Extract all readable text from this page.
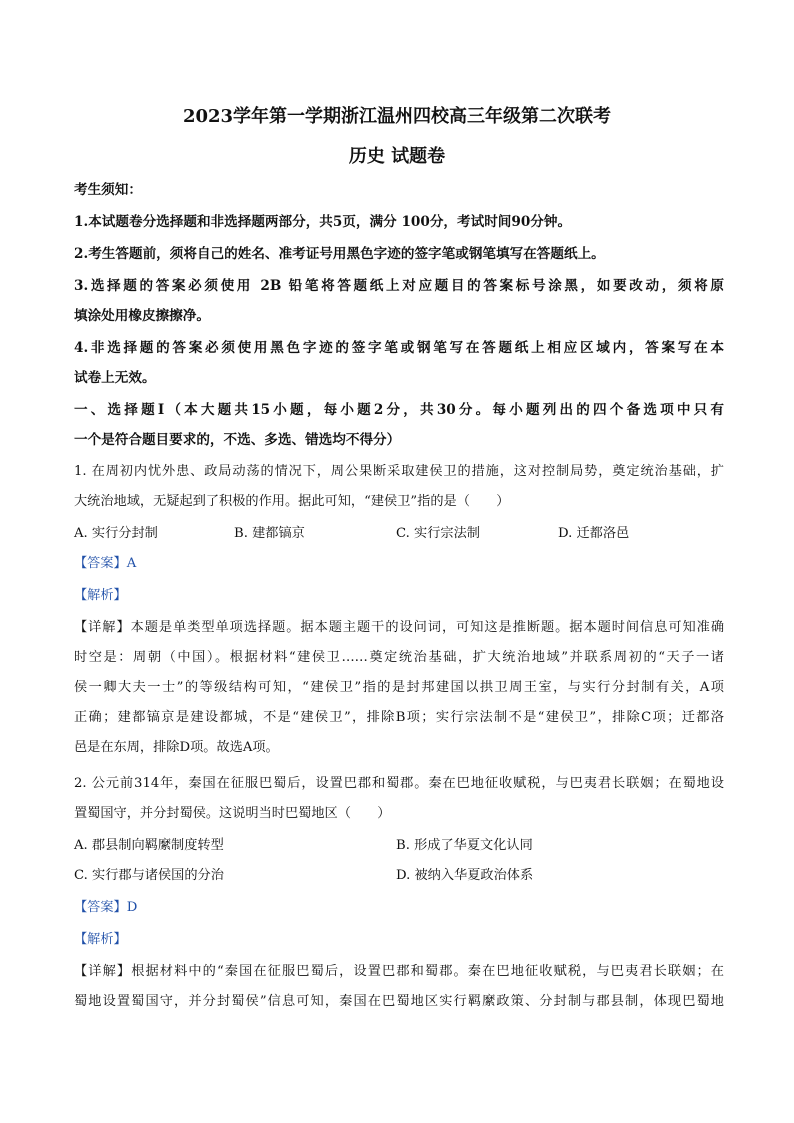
2023学年第一学期浙江温州四校高三年级第二次联考
历史 试题卷
考生须知：
1.本试题卷分选择题和非选择题两部分，共5页，满分 100分，考试时间90分钟。
2.考生答题前，须将自己的姓名、准考证号用黑色字迹的签字笔或钢笔填写在答题纸上。
3.选择题的答案必须使用 2B 铅笔将答题纸上对应题目的答案标号涂黑，如要改动，须将原
填涂处用橡皮擦擦净。
4.非选择题的答案必须使用黑色字迹的签字笔或钢笔写在答题纸上相应区域内，答案写在本
试卷上无效。
一、选择题Ⅰ（本大题共15小题，每小题2分，共30分。每小题列出的四个备选项中只有
一个是符合题目要求的，不选、多选、错选均不得分）
1. 在周初内忧外患、政局动荡的情况下，周公果断采取建侯卫的措施，这对控制局势，奠定统治基础，扩
大统治地域，无疑起到了积极的作用。据此可知，“建侯卫”指的是（　　）
A. 实行分封制	B. 建都镐京	C. 实行宗法制	D. 迁都洛邑
【答案】A
【解析】
【详解】本题是单类型单项选择题。据本题主题干的设问词，可知这是推断题。据本题时间信息可知准确
时空是：周朝（中国）。根据材料“建侯卫……奠定统治基础，扩大统治地域”并联系周初的“天子一诸
侯一卿大夫一士”的等级结构可知，“建侯卫”指的是封邦建国以拱卫周王室，与实行分封制有关，A项
正确；建都镐京是建设都城，不是“建侯卫”，排除B项；实行宗法制不是“建侯卫”，排除C项；迁都洛
邑是在东周，排除D项。故选A项。
2. 公元前314年，秦国在征服巴蜀后，设置巴郡和蜀郡。秦在巴地征收赋税，与巴夷君长联姻；在蜀地设
置蜀国守，并分封蜀侯。这说明当时巴蜀地区（　　）
A. 郡县制向羁縻制度转型	B. 形成了华夏文化认同
C. 实行郡与诸侯国的分治	D. 被纳入华夏政治体系
【答案】D
【解析】
【详解】根据材料中的“秦国在征服巴蜀后，设置巴郡和蜀郡。秦在巴地征收赋税，与巴夷君长联姻；在
蜀地设置蜀国守，并分封蜀侯”信息可知，秦国在巴蜀地区实行羁縻政策、分封制与郡县制，体现巴蜀地
